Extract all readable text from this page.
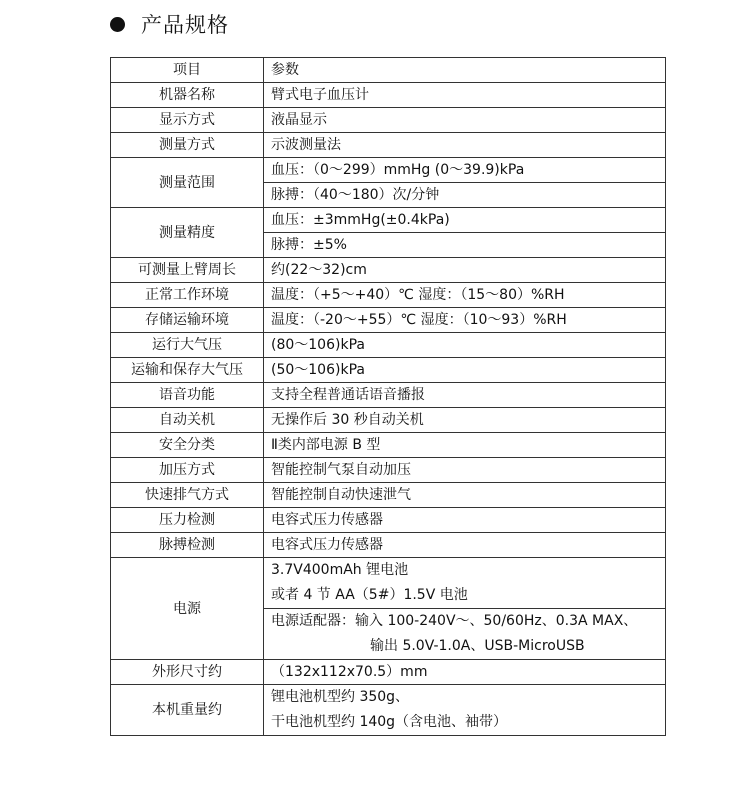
产品规格
项目	参数
机器名称	臂式电子血压计
显示方式	液晶显示
测量方式	示波测量法
测量范围	血压：（0～299）mmHg (0～39.9)kPa
	脉搏：（40～180）次/分钟
测量精度	血压：±3mmHg(±0.4kPa)
	脉搏：±5%
可测量上臂周长	约(22～32)cm
正常工作环境	温度：（+5～+40）℃ 湿度：（15～80）%RH
存储运输环境	温度：（-20～+55）℃ 湿度：（10～93）%RH
运行大气压	(80～106)kPa
运输和保存大气压	(50～106)kPa
语音功能	支持全程普通话语音播报
自动关机	无操作后 30 秒自动关机
安全分类	Ⅱ类内部电源 B 型
加压方式	智能控制气泵自动加压
快速排气方式	智能控制自动快速泄气
压力检测	电容式压力传感器
脉搏检测	电容式压力传感器
电源	3.7V400mAh 锂电池
或者 4 节 AA（5#）1.5V 电池

	电源适配器：输入 100-240V～、50/60Hz、0.3A MAX、
输出 5.0V-1.0A、USB-MicroUSB

外形尺寸约	（132x112x70.5）mm
本机重量约	锂电池机型约 350g、
干电池机型约 140g（含电池、袖带）
